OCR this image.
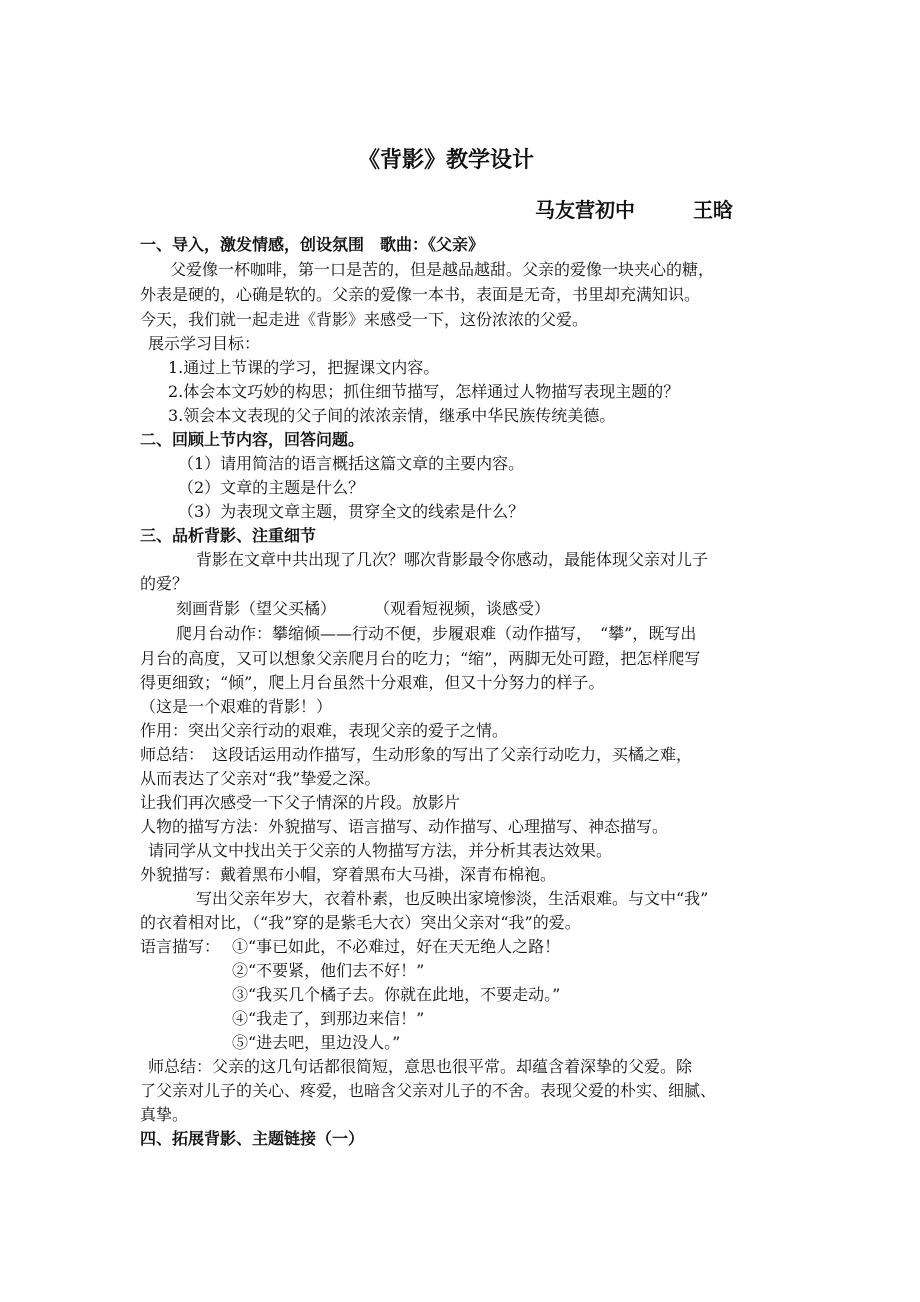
《背影》教学设计
马友营初中	王晗
一、导入，激发情感，创设氛围 歌曲：《父亲》
父爱像一杯咖啡，第一口是苦的，但是越品越甜。父亲的爱像一块夹心的糖，
外表是硬的，心确是软的。父亲的爱像一本书，表面是无奇，书里却充满知识。
今天，我们就一起走进《背影》来感受一下，这份浓浓的父爱。
展示学习目标：
1.通过上节课的学习，把握课文内容。
2.体会本文巧妙的构思；抓住细节描写，怎样通过人物描写表现主题的？
3.领会本文表现的父子间的浓浓亲情，继承中华民族传统美德。
二、回顾上节内容，回答问题。
（1）请用简洁的语言概括这篇文章的主要内容。
（2）文章的主题是什么？
（3）为表现文章主题，贯穿全文的线索是什么？
三、品析背影、注重细节
背影在文章中共出现了几次？哪次背影最令你感动，最能体现父亲对儿子
的爱？
刻画背影（望父买橘） （观看短视频，谈感受）
爬月台动作：攀缩倾——行动不便，步履艰难（动作描写，　“攀”，既写出
月台的高度，又可以想象父亲爬月台的吃力；“缩”，两脚无处可蹬，把怎样爬写
得更细致；“倾”，爬上月台虽然十分艰难，但又十分努力的样子。
（这是一个艰难的背影！）
作用：突出父亲行动的艰难，表现父亲的爱子之情。
师总结：　这段话运用动作描写，生动形象的写出了父亲行动吃力，买橘之难，
从而表达了父亲对“我”挚爱之深。
让我们再次感受一下父子情深的片段。放影片
人物的描写方法：外貌描写、语言描写、动作描写、心理描写、神态描写。
请同学从文中找出关于父亲的人物描写方法，并分析其表达效果。
外貌描写：戴着黑布小帽，穿着黑布大马褂，深青布棉袍。
写出父亲年岁大，衣着朴素，也反映出家境惨淡，生活艰难。与文中“我”
的衣着相对比，（“我”穿的是紫毛大衣）突出父亲对“我”的爱。
语言描写： ①“事已如此，不必难过，好在天无绝人之路！
②“不要紧，他们去不好！”
③“我买几个橘子去。你就在此地，不要走动。”
④“我走了，到那边来信！”
⑤“进去吧，里边没人。”
师总结：父亲的这几句话都很简短，意思也很平常。却蕴含着深挚的父爱。除
了父亲对儿子的关心、疼爱，也暗含父亲对儿子的不舍。表现父爱的朴实、细腻、
真挚。
四、拓展背影、主题链接（一）
